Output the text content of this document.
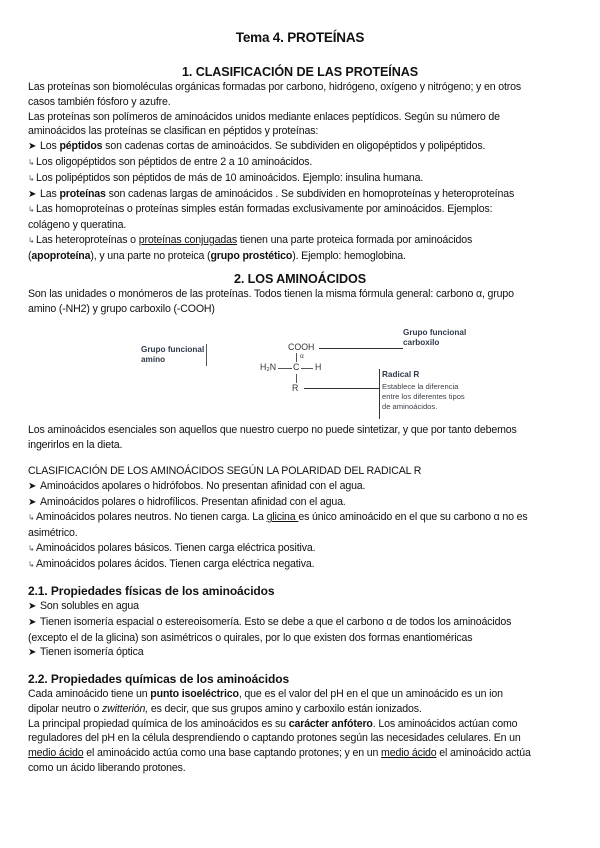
Tema 4. PROTEÍNAS
1. CLASIFICACIÓN DE LAS PROTEÍNAS
Las proteínas son biomoléculas orgánicas formadas por carbono, hidrógeno, oxígeno y nitrógeno; y en otros
casos también fósforo y azufre.
Las proteínas son polímeros de aminoácidos unidos mediante enlaces peptídicos. Según su número de
aminoácidos las proteínas se clasifican en péptidos y proteínas:
➤ Los péptidos son cadenas cortas de aminoácidos. Se subdividen en oligopéptidos y polipéptidos.
↳Los oligopéptidos son péptidos de entre 2 a 10 aminoácidos.
↳Los polipéptidos son péptidos de más de 10 aminoácidos. Ejemplo: insulina humana.
➤ Las proteínas son cadenas largas de aminoácidos . Se subdividen en homoproteínas y heteroproteínas
↳Las homoproteínas o proteínas simples están formadas exclusivamente por aminoácidos. Ejemplos:
colágeno y queratina.
↳Las heteroproteínas o proteínas conjugadas tienen una parte proteica formada por aminoácidos
(apoproteína), y una parte no proteica (grupo prostético). Ejemplo: hemoglobina.
2. LOS AMINOÁCIDOS
Son las unidades o monómeros de las proteínas. Todos tienen la misma fórmula general: carbono α, grupo
amino (-NH2) y grupo carboxilo (-COOH)
Grupo funcional
amino
COOH
α
H₂N C H
R
Grupo funcional
carboxilo
Radical R
Establece la diferencia
entre los diferentes tipos
de aminoácidos.
Los aminoácidos esenciales son aquellos que nuestro cuerpo no puede sintetizar, y que por tanto debemos
ingerirlos en la dieta.
CLASIFICACIÓN DE LOS AMINOÁCIDOS SEGÚN LA POLARIDAD DEL RADICAL R
➤ Aminoácidos apolares o hidrófobos. No presentan afinidad con el agua.
➤ Aminoácidos polares o hidrofílicos. Presentan afinidad con el agua.
↳Aminoácidos polares neutros. No tienen carga. La glicina es único aminoácido en el que su carbono α no es
asimétrico.
↳Aminoácidos polares básicos. Tienen carga eléctrica positiva.
↳Aminoácidos polares ácidos. Tienen carga eléctrica negativa.
2.1. Propiedades físicas de los aminoácidos
➤ Son solubles en agua
➤ Tienen isomería espacial o estereoisomería. Esto se debe a que el carbono α de todos los aminoácidos
(excepto el de la glicina) son asimétricos o quirales, por lo que existen dos formas enantioméricas
➤ Tienen isomería óptica
2.2. Propiedades químicas de los aminoácidos
Cada aminoácido tiene un punto isoeléctrico, que es el valor del pH en el que un aminoácido es un ion
dipolar neutro o zwitterión, es decir, que sus grupos amino y carboxilo están ionizados.
La principal propiedad química de los aminoácidos es su carácter anfótero. Los aminoácidos actúan como
reguladores del pH en la célula desprendiendo o captando protones según las necesidades celulares. En un
medio ácido el aminoácido actúa como una base captando protones; y en un medio ácido el aminoácido actúa
como un ácido liberando protones.
